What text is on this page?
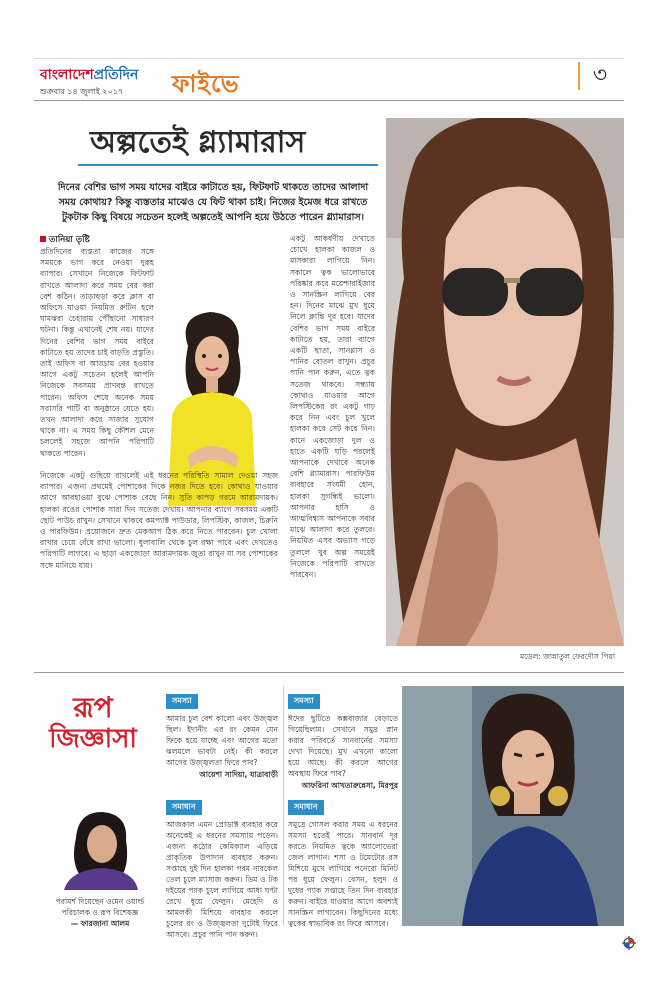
বাংলাদেশপ্রতিদিন
শুক্রবার ১৪ জুলাই ২০১৭	ফাইভে	৩
অল্পতেই গ্ল্যামারাস
দিনের বেশির ভাগ সময় যাদের বাইরে কাটাতে হয়, ফিটফাট থাকতে তাদের আলাদা সময় কোথায়? কিন্তু ব্যস্ততার মাঝেও যে ফিট থাকা চাই। নিজের ইমেজ ধরে রাখতে টুকটাক কিছু বিষয়ে সচেতন হলেই অল্পতেই আপনি হয়ে উঠতে পারেন গ্ল্যামারাস।
তানিয়া তৃষ্টি
প্রতিদিনের ব্যস্ততা কাজের সঙ্গে সময়কে ভাগ করে নেওয়া দুরূহ ব্যাপার। সেখানে নিজেকে ফিটফাট রাখতে আলাদা করে সময় বের করা বেশ কঠিন। তাড়াহুড়া করে ক্লাস বা অফিসে যাওয়া নিয়মিত রুটিন হলে ঘামঝরা চেহারায় পৌঁছানো সাধারণ ঘটনা। কিন্তু এখানেই শেষ নয়। যাদের দিনের বেশির ভাগ সময় বাইরে কাটাতে হয় তাদের চাই বাড়তি প্রস্তুতি। তাই অফিস বা আড্ডায় বের হওয়ার আগে একটু সচেতন হলেই আপনি নিজেকে সবসময় প্রাণবন্ত রাখতে পারেন। অফিস শেষে অনেক সময় সরাসরি পার্টি বা অনুষ্ঠানে যেতে হয়। তখন আলাদা করে সাজার সুযোগ থাকে না। এ সময় কিছু কৌশল মেনে চললেই সহজে আপনি পরিপাটি থাকতে পারেন।
নিজেকে একটু গুছিয়ে রাখলেই এই ধরনের পরিস্থিতি সামাল দেওয়া সহজ ব্যাপার। এজন্য প্রথমেই পোশাকের দিকে নজর দিতে হবে। কোথাও যাওয়ার আগে আবহাওয়া বুঝে পোশাক বেছে নিন। সুতি কাপড় গরমে আরামদায়ক। হালকা রঙের পোশাক সারা দিন সতেজ দেখায়। আপনার ব্যাগে সবসময় একটি ছোট পাউচ রাখুন। সেখানে থাকবে কমপ্যাক্ট পাউডার, লিপস্টিক, কাজল, চিরুনি ও পারফিউম। প্রয়োজনে দ্রুত মেকআপ ঠিক করে নিতে পারবেন। চুল খোলা রাখার চেয়ে বেঁধে রাখা ভালো। ধুলাবালি থেকে চুল রক্ষা পাবে এবং দেখতেও পরিপাটি লাগবে। এ ছাড়া একজোড়া আরামদায়ক জুতা রাখুন যা সব পোশাকের সঙ্গে মানিয়ে যায়।
একটু আকর্ষণীয় দেখাতে চোখে হালকা কাজল ও মাসকারা লাগিয়ে নিন। সকালে ত্বক ভালোভাবে পরিষ্কার করে ময়েশ্চারাইজার ও সানস্ক্রিন লাগিয়ে বের হন। দিনের মাঝে মুখ ধুয়ে নিলে ক্লান্তি দূর হবে। যাদের বেশির ভাগ সময় বাইরে কাটাতে হয়, তারা ব্যাগে একটি ছাতা, সানগ্লাস ও পানির বোতল রাখুন। প্রচুর পানি পান করুন, এতে ত্বক সতেজ থাকবে। সন্ধ্যায় কোথাও যাওয়ার আগে লিপস্টিকের রং একটু গাঢ় করে নিন এবং চুল খুলে হালকা করে সেট করে নিন। কানে একজোড়া দুল ও হাতে একটি ঘড়ি পরলেই আপনাকে দেখাবে অনেক বেশি গ্ল্যামারাস। পারফিউম ব্যবহারে সংযমী হোন, হালকা সুগন্ধিই ভালো। আপনার হাসি ও আত্মবিশ্বাস আপনাকে সবার মাঝে আলাদা করে তুলবে। নিয়মিত এসব অভ্যাস গড়ে তুললে খুব অল্প সময়েই নিজেকে পরিপাটি রাখতে পারবেন।
মডেল: জান্নাতুল ফেরদৌস পিয়া
রূপ
জিজ্ঞাসা
পরামর্শ দিয়েছেন ওমেন ওয়ার্ল্ড
পরিচালক ও রূপ বিশেষজ্ঞ
— ফারজানা আলম
সমস্যা
আমার চুল বেশ কালো এবং উজ্জ্বল ছিল। ইদানীং এর রং কেমন যেন ফিকে হয়ে যাচ্ছে এবং আগের মতো ঝলমলে ভাবটা নেই। কী করলে আগের উজ্জ্বলতা ফিরে পাব?
আয়েশা সাদিয়া, যাত্রাবাড়ী
সমাধান
আজকাল এমন প্রোডাক্ট ব্যবহার করে অনেকেই এ ধরনের সমস্যায় পড়েন। এজন্য কঠোর কেমিক্যাল এড়িয়ে প্রাকৃতিক উপাদান ব্যবহার করুন। সপ্তাহে দুই দিন হালকা গরম নারকেল তেল চুলে ম্যাসাজ করুন। ডিম ও টক দইয়ের প্যাক চুলে লাগিয়ে আধা ঘণ্টা রেখে ধুয়ে ফেলুন। মেহেদি ও আমলকী মিশিয়ে ব্যবহার করলে চুলের রং ও উজ্জ্বলতা দুটোই ফিরে আসবে। প্রচুর পানি পান করুন।
সমস্যা
ঈদের ছুটিতে কক্সবাজার বেড়াতে গিয়েছিলাম। সেখানে সমুদ্র স্নান করার পরিবর্তে সানবার্নের সমস্যা দেখা দিয়েছে। মুখ এখনো কালো হয়ে আছে। কী করলে আগের অবস্থায় ফিরে পাব?
আফরিনা আখতারুন্নেসা, মিরপুর
সমাধান
সমুদ্রে গোসল করার সময় এ ধরনের সমস্যা হতেই পারে। সানবার্ন দূর করতে নিয়মিত ত্বকে অ্যালোভেরা জেল লাগান। শসা ও টমেটোর রস মিশিয়ে মুখে লাগিয়ে পনেরো মিনিট পর ধুয়ে ফেলুন। বেসন, হলুদ ও দুধের প্যাক সপ্তাহে তিন দিন ব্যবহার করুন। বাইরে যাওয়ার আগে অবশ্যই সানস্ক্রিন লাগাবেন। কিছুদিনের মধ্যে ত্বকের স্বাভাবিক রং ফিরে আসবে।
